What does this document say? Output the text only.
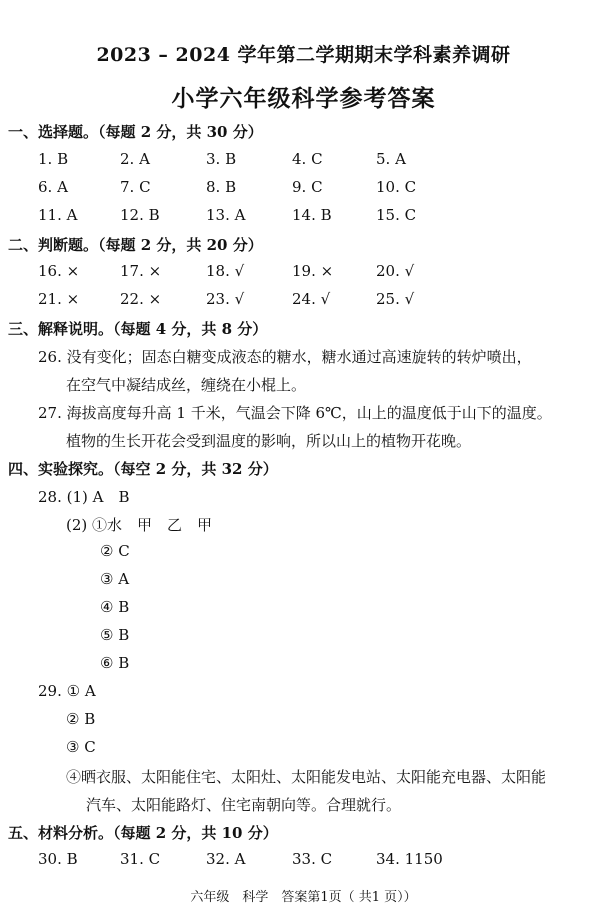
2023 – 2024 学年第二学期期末学科素养调研
小学六年级科学参考答案
一、选择题。（每题 2 分，共 30 分）
1. B	2. A	3. B	4. C	5. A
6. A	7. C	8. B	9. C	10. C
11. A	12. B	13. A	14. B	15. C
二、判断题。（每题 2 分，共 20 分）
16. ×	17. ×	18. √	19. ×	20. √
21. ×	22. ×	23. √	24. √	25. √
三、解释说明。（每题 4 分，共 8 分）
26. 没有变化；固态白糖变成液态的糖水，糖水通过高速旋转的转炉喷出，
在空气中凝结成丝，缠绕在小棍上。
27. 海拔高度每升高 1 千米，气温会下降 6℃，山上的温度低于山下的温度。
植物的生长开花会受到温度的影响，所以山上的植物开花晚。
四、实验探究。（每空 2 分，共 32 分）
28. (1) A　B
(2) ①水　甲　乙　甲
② C
③ A
④ B
⑤ B
⑥ B
29. ① A
② B
③ C
④晒衣服、太阳能住宅、太阳灶、太阳能发电站、太阳能充电器、太阳能
汽车、太阳能路灯、住宅南朝向等。合理就行。
五、材料分析。（每题 2 分，共 10 分）
30. B	31. C	32. A	33. C	34. 1150
六年级　科学　答案第1页（ 共1 页））
